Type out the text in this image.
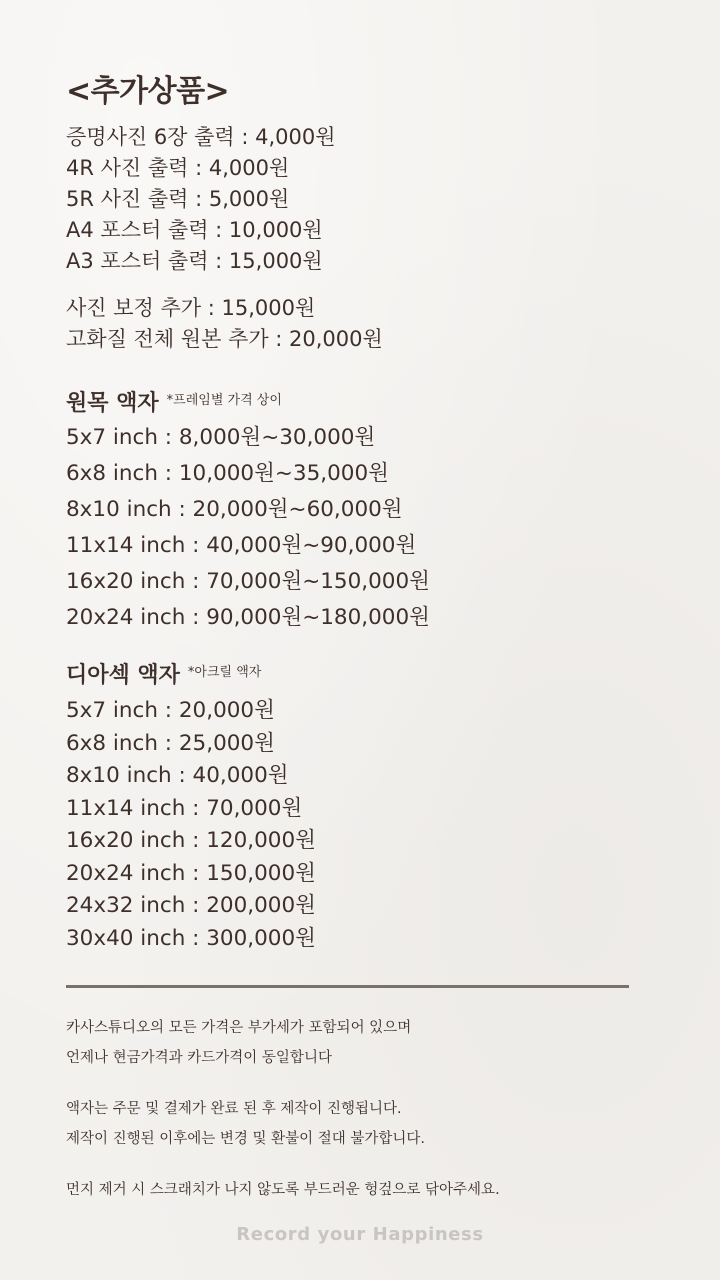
<추가상품>
증명사진 6장 출력 : 4,000원
4R 사진 출력 : 4,000원
5R 사진 출력 : 5,000원
A4 포스터 출력 : 10,000원
A3 포스터 출력 : 15,000원
사진 보정 추가 : 15,000원
고화질 전체 원본 추가 : 20,000원
원목 액자 $^{*프레임별 가격 상이}$
5x7 inch : 8,000원~30,000원
6x8 inch : 10,000원~35,000원
8x10 inch : 20,000원~60,000원
11x14 inch : 40,000원~90,000원
16x20 inch : 70,000원~150,000원
20x24 inch : 90,000원~180,000원
디아섹 액자 $^{*아크릴 액자}$
5x7 inch : 20,000원
6x8 inch : 25,000원
8x10 inch : 40,000원
11x14 inch : 70,000원
16x20 inch : 120,000원
20x24 inch : 150,000원
24x32 inch : 200,000원
30x40 inch : 300,000원

카사스튜디오의 모든 가격은 부가세가 포함되어 있으며

언제나 현금가격과 카드가격이 동일합니다

액자는 주문 및 결제가 완료 된 후 제작이 진행됩니다.

제작이 진행된 이후에는 변경 및 환불이 절대 불가합니다.

먼지 제거 시 스크래치가 나지 않도록 부드러운 헝겊으로 닦아주세요.

Record your Happiness
